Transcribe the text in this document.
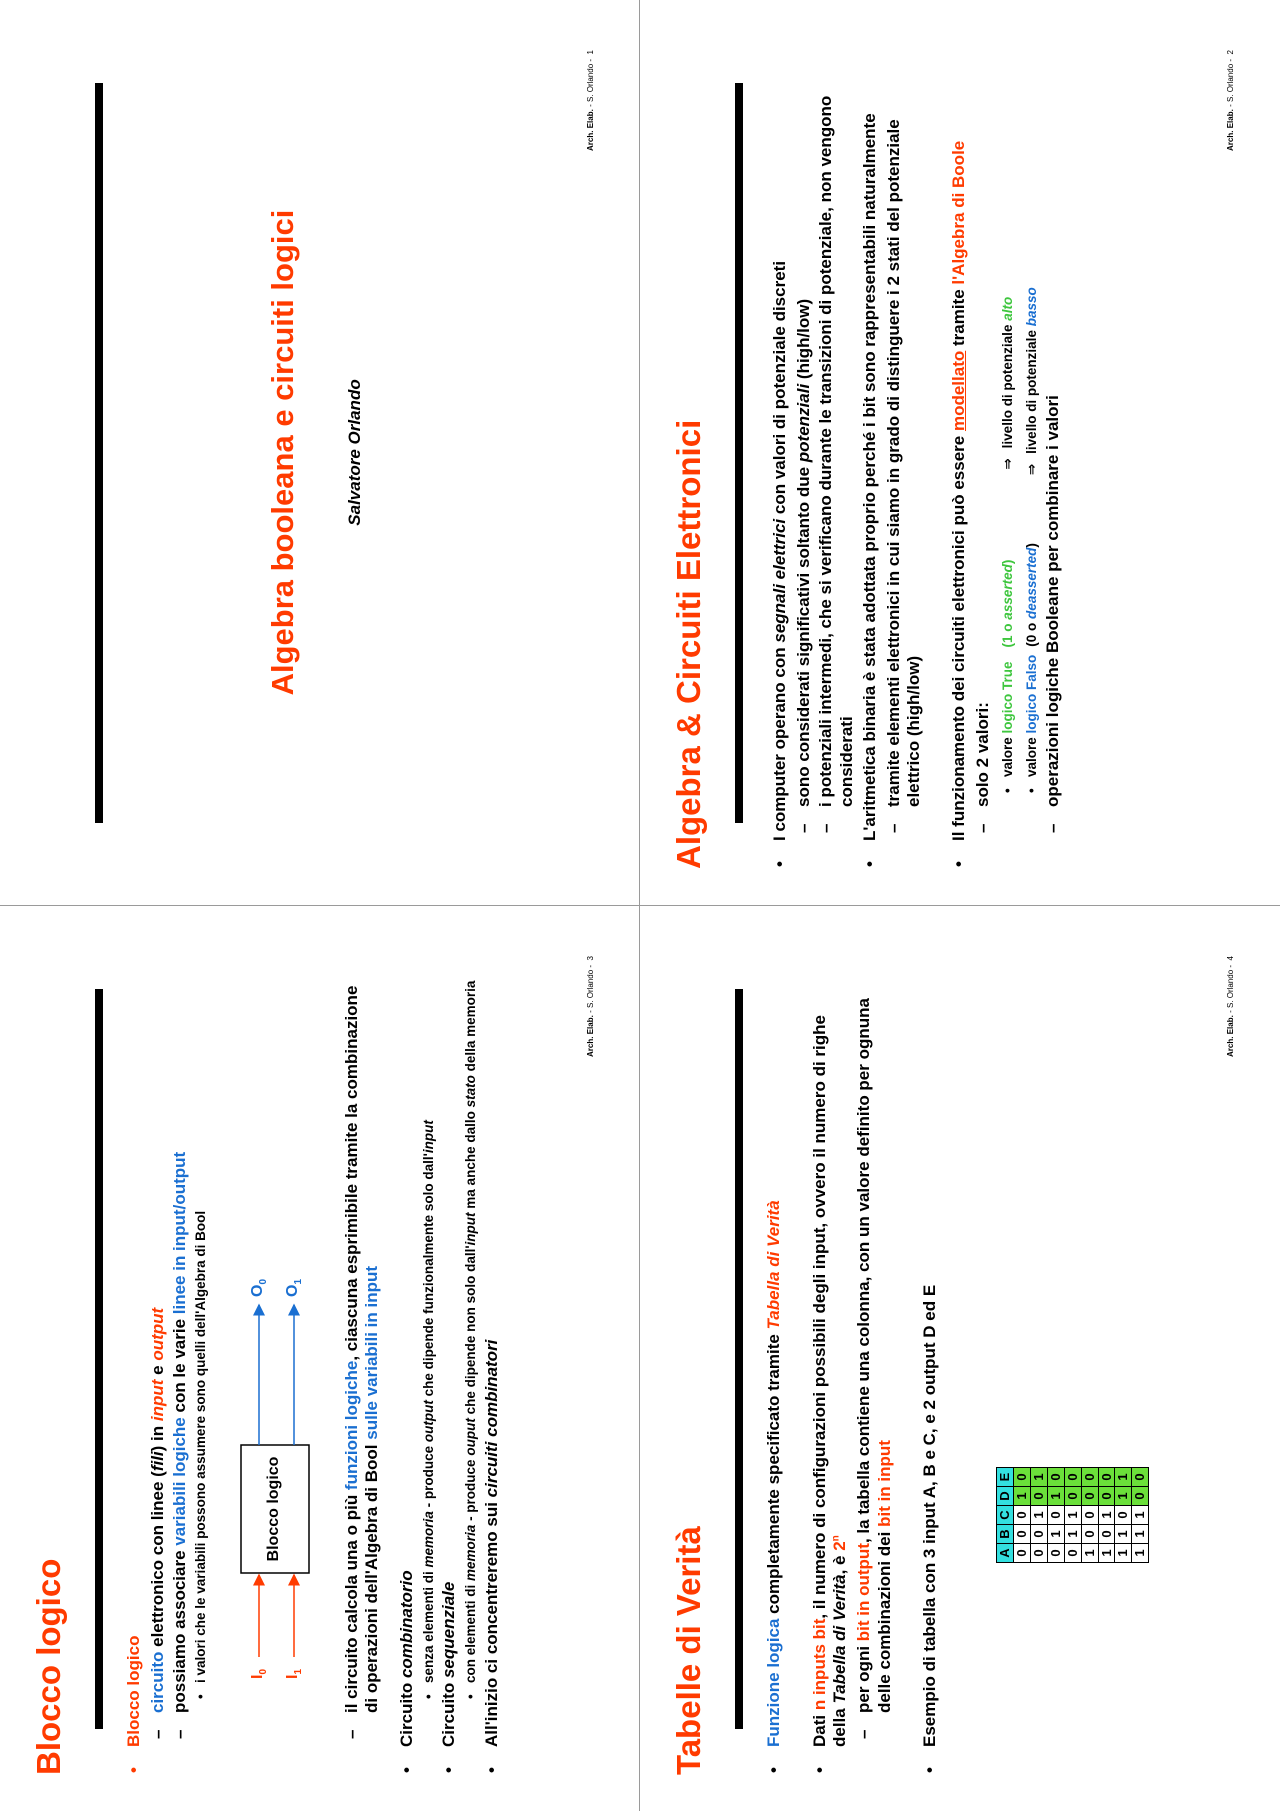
Algebra booleana e circuiti logici	Salvatore Orlando
Arch. Elab. - S. Orlando -  1
Algebra & Circuiti Elettronici	• I computer operano con segnali elettrici con valori di potenziale discreti
– sono considerati significativi soltanto due potenziali (high/low) – i potenziali intermedi, che si verificano durante le transizioni di potenziale, non vengono considerati • L'aritmetica binaria è stata adottata proprio perché i bit sono rappresentabili naturalmente – tramite elementi elettronici in cui siamo in grado di distinguere i 2 stati del potenziale elettrico (high/low) • Il funzionamento dei circuiti elettronici può essere modellato tramite l'Algebra di Boole
– solo 2 valori: • valore logico True(1 o asserted)⇒livello di potenziale alto
• valore logico Falso(0 o deasserted)⇒livello di potenziale basso
– operazioni logiche Booleane per combinare i valori
Arch. Elab. - S. Orlando -  2
Blocco logico	• Blocco logico – circuito elettronico con linee (fili) in input e output
– possiamo associare variabili logiche con le varie linee in input/output • i valori che le variabili possono assumere sono quelli dell'Algebra di Bool	Blocco logico
$I_0$
$I_1$
$O_0$
$O_1$
– il circuito calcola una o più funzioni logiche, ciascuna esprimibile tramite la combinazione di operazioni dell'Algebra di Bool sulle variabili in input
• Circuito combinatorio • senza elementi di memoria - produce output che dipende funzionalmente solo dall'input
• Circuito sequenziale • con elementi di memoria - produce ouput che dipende non solo dall'input ma anche dallo stato della memoria
• All'inizio ci concentreremo sui circuiti combinatori
Arch. Elab. - S. Orlando -  3
Tabelle di Verità	• Funzione logica completamente specificato tramite Tabella di Verità
• Dati n inputs bit, il numero di configurazioni possibili degli input, ovvero il numero di righe della Tabella di Verità, è 2$^n$
– per ogni bit in output, la tabella contiene una colonna, con un valore definito per ognuna delle combinazioni dei bit in input • Esempio di tabella con 3 input A, B e C, e 2 output D ed E	A	B	C	D	E
0	0	0	1	0
0	0	1	0	1
0	1	0	1	0
0	1	1	0	0
1	0	0	0	0
1	0	1	0	0
1	1	0	1	1
1	1	1	0	0
Arch. Elab. - S. Orlando -  4
